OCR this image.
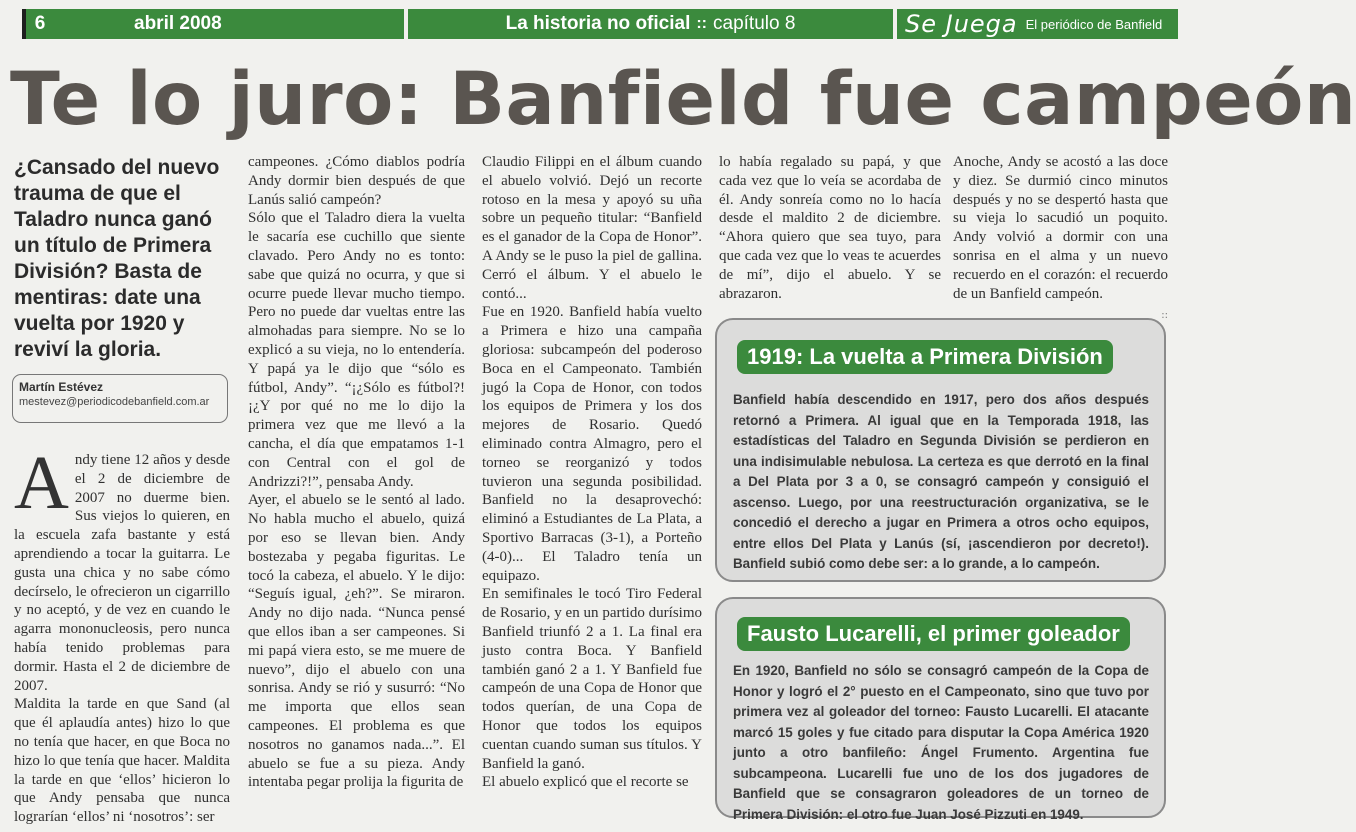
6	abril 2008	La historia no oficial :: capítulo 8	Se Juega El periódico de Banfield
Te lo juro: Banfield fue campeón
¿Cansado del nuevo trauma de que el Taladro nunca ganó un título de Primera División? Basta de mentiras: date una vuelta por 1920 y reviví la gloria.
Martín Estévez
mestevez@periodicodebanfield.com.ar

Andy tiene 12 años y desde el 2 de diciembre de 2007 no duerme bien. Sus viejos lo quieren, en la escuela zafa bastante y está aprendiendo a tocar la guitarra. Le gusta una chica y no sabe cómo decírselo, le ofrecieron un cigarrillo y no aceptó, y de vez en cuando le agarra mononucleosis, pero nunca había tenido problemas para dormir. Hasta el 2 de diciembre de 2007.

Maldita la tarde en que Sand (al que él aplaudía antes) hizo lo que no tenía que hacer, en que Boca no hizo lo que tenía que hacer. Maldita la tarde en que ‘ellos’ hicieron lo que Andy pensaba que nunca lograrían ‘ellos’ ni ‘nosotros’: ser

campeones. ¿Cómo diablos podría Andy dormir bien después de que Lanús salió campeón?

Sólo que el Taladro diera la vuelta le sacaría ese cuchillo que siente clavado. Pero Andy no es tonto: sabe que quizá no ocurra, y que si ocurre puede llevar mucho tiempo. Pero no puede dar vueltas entre las almohadas para siempre. No se lo explicó a su vieja, no lo entendería. Y papá ya le dijo que “sólo es fútbol, Andy”. “¡¿Sólo es fútbol?! ¡¿Y por qué no me lo dijo la primera vez que me llevó a la cancha, el día que empatamos 1-1 con Central con el gol de Andrizzi?!”, pensaba Andy.

Ayer, el abuelo se le sentó al lado. No habla mucho el abuelo, quizá por eso se llevan bien. Andy bostezaba y pegaba figuritas. Le tocó la cabeza, el abuelo. Y le dijo: “Seguís igual, ¿eh?”. Se miraron. Andy no dijo nada. “Nunca pensé que ellos iban a ser campeones. Si mi papá viera esto, se me muere de nuevo”, dijo el abuelo con una sonrisa. Andy se rió y susurró: “No me importa que ellos sean campeones. El problema es que nosotros no ganamos nada...”. El abuelo se fue a su pieza. Andy intentaba pegar prolija la figurita de

Claudio Filippi en el álbum cuando el abuelo volvió. Dejó un recorte rotoso en la mesa y apoyó su uña sobre un pequeño titular: “Banfield es el ganador de la Copa de Honor”. A Andy se le puso la piel de gallina. Cerró el álbum. Y el abuelo le contó...

Fue en 1920. Banfield había vuelto a Primera e hizo una campaña gloriosa: subcampeón del poderoso Boca en el Campeonato. También jugó la Copa de Honor, con todos los equipos de Primera y los dos mejores de Rosario. Quedó eliminado contra Almagro, pero el torneo se reorganizó y todos tuvieron una segunda posibilidad. Banfield no la desaprovechó: eliminó a Estudiantes de La Plata, a Sportivo Barracas (3-1), a Porteño (4-0)... El Taladro tenía un equipazo.

En semifinales le tocó Tiro Federal de Rosario, y en un partido durísimo Banfield triunfó 2 a 1. La final era justo contra Boca. Y Banfield también ganó 2 a 1. Y Banfield fue campeón de una Copa de Honor que todos querían, de una Copa de Honor que todos los equipos cuentan cuando suman sus títulos. Y Banfield la ganó.

El abuelo explicó que el recorte se

lo había regalado su papá, y que cada vez que lo veía se acordaba de él. Andy sonreía como no lo hacía desde el maldito 2 de diciembre. “Ahora quiero que sea tuyo, para que cada vez que lo veas te acuerdes de mí”, dijo el abuelo. Y se abrazaron.

Anoche, Andy se acostó a las doce y diez. Se durmió cinco minutos después y no se despertó hasta que su vieja lo sacudió un poquito. Andy volvió a dormir con una sonrisa en el alma y un nuevo recuerdo en el corazón: el recuerdo de un Banfield campeón.

::
1919: La vuelta a Primera División
Banfield había descendido en 1917, pero dos años después retornó a Primera. Al igual que en la Temporada 1918, las estadísticas del Taladro en Segunda División se perdieron en una indisimulable nebulosa. La certeza es que derrotó en la final a Del Plata por 3 a 0, se consagró campeón y consiguió el ascenso. Luego, por una reestructuración organizativa, se le concedió el derecho a jugar en Primera a otros ocho equipos, entre ellos Del Plata y Lanús (sí, ¡ascendieron por decreto!). Banfield subió como debe ser: a lo grande, a lo campeón.
Fausto Lucarelli, el primer goleador
En 1920, Banfield no sólo se consagró campeón de la Copa de Honor y logró el 2° puesto en el Campeonato, sino que tuvo por primera vez al goleador del torneo: Fausto Lucarelli. El atacante marcó 15 goles y fue citado para disputar la Copa América 1920 junto a otro banfileño: Ángel Frumento. Argentina fue subcampeona. Lucarelli fue uno de los dos jugadores de Banfield que se consagraron goleadores de un torneo de Primera División: el otro fue Juan José Pizzuti en 1949.
